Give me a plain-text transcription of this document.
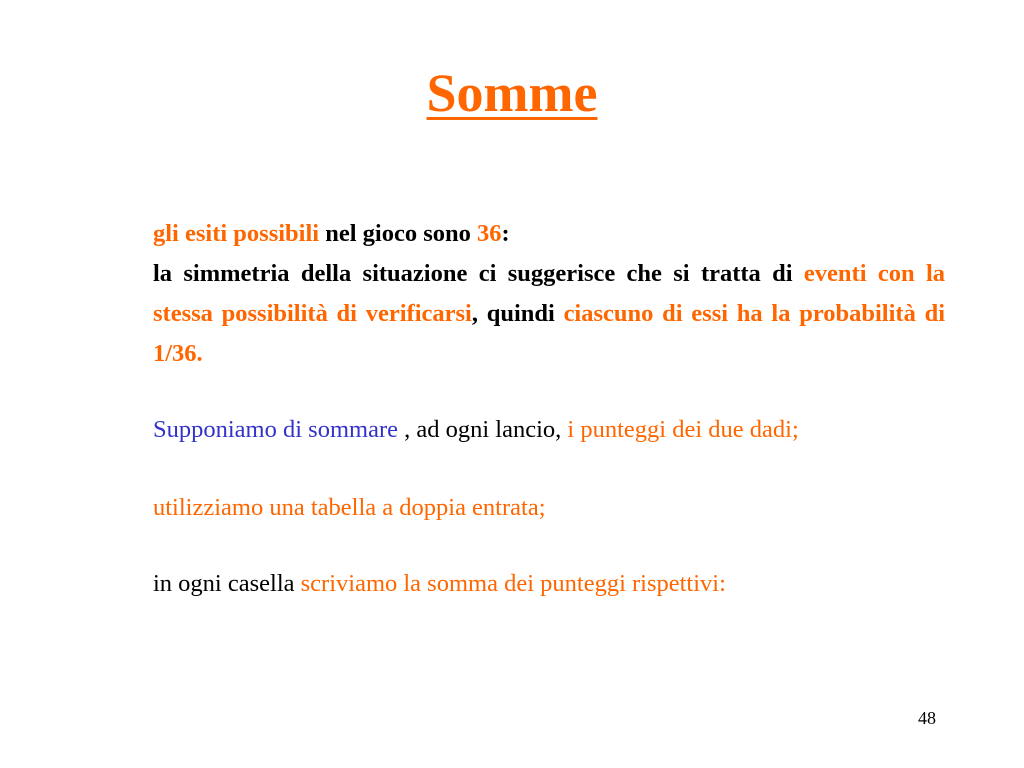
Somme

gli esiti possibili nel gioco sono 36:

la simmetria della situazione ci suggerisce che si tratta di eventi con la stessa possibilità di verificarsi, quindi ciascuno di essi ha la probabilità di 1/36.

Supponiamo di sommare , ad ogni lancio, i punteggi dei due dadi;

utilizziamo una tabella a doppia entrata;

in ogni casella scriviamo la somma dei punteggi rispettivi:

48
